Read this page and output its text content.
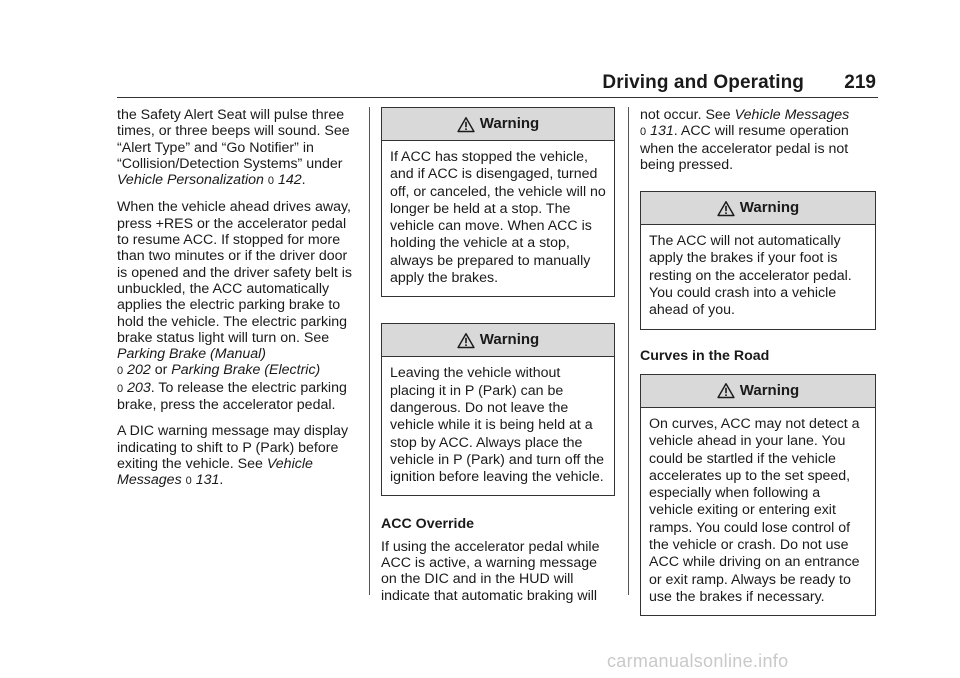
Driving and Operating 219

the Safety Alert Seat will pulse three times, or three beeps will sound. See “Alert Type” and “Go Notifier” in “Collision/Detection Systems” under Vehicle Personalization 0 142.

When the vehicle ahead drives away, press +RES or the accelerator pedal to resume ACC. If stopped for more than two minutes or if the driver door is opened and the driver safety belt is unbuckled, the ACC automatically applies the electric parking brake to hold the vehicle. The electric parking brake status light will turn on. See Parking Brake (Manual)
0 202 or Parking Brake (Electric)
0 203. To release the electric parking brake, press the accelerator pedal.

A DIC warning message may display indicating to shift to P (Park) before exiting the vehicle. See Vehicle Messages 0 131.

Warning
If ACC has stopped the vehicle, and if ACC is disengaged, turned off, or canceled, the vehicle will no longer be held at a stop. The vehicle can move. When ACC is holding the vehicle at a stop, always be prepared to manually apply the brakes.
Warning
Leaving the vehicle without placing it in P (Park) can be dangerous. Do not leave the vehicle while it is being held at a stop by ACC. Always place the vehicle in P (Park) and turn off the ignition before leaving the vehicle.
ACC Override

If using the accelerator pedal while ACC is active, a warning message on the DIC and in the HUD will indicate that automatic braking will

not occur. See Vehicle Messages
0 131. ACC will resume operation when the accelerator pedal is not being pressed.

Warning
The ACC will not automatically apply the brakes if your foot is resting on the accelerator pedal. You could crash into a vehicle ahead of you.
Curves in the Road
Warning
On curves, ACC may not detect a vehicle ahead in your lane. You could be startled if the vehicle accelerates up to the set speed, especially when following a vehicle exiting or entering exit ramps. You could lose control of the vehicle or crash. Do not use ACC while driving on an entrance or exit ramp. Always be ready to use the brakes if necessary.
carmanualsonline.info
